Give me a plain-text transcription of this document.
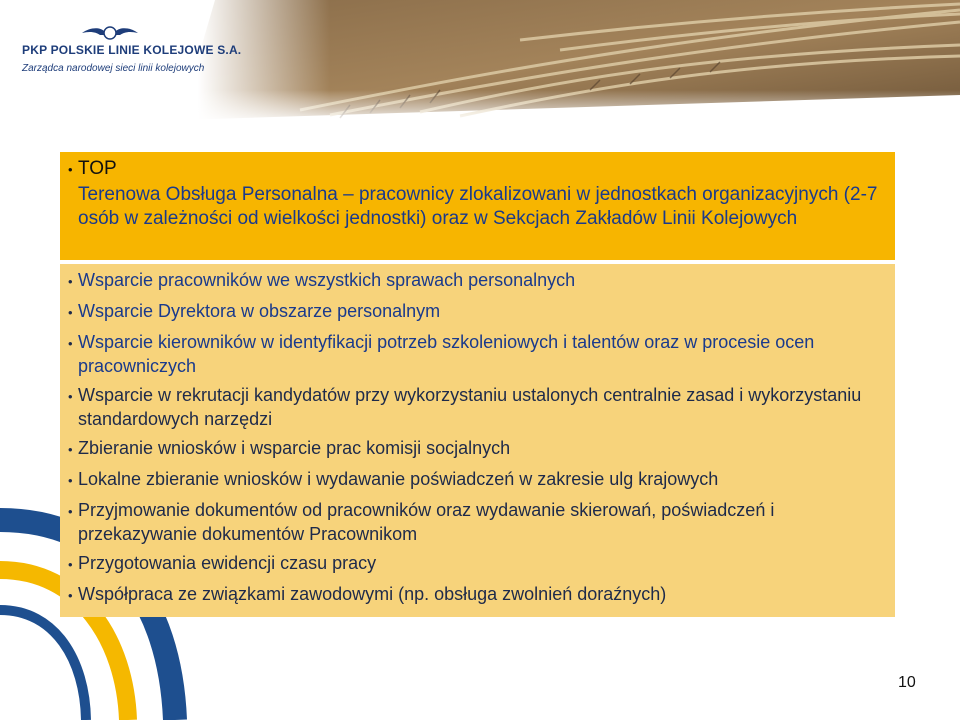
PKP POLSKIE LINIE KOLEJOWE S.A.
Zarządca narodowej sieci linii kolejowych
• TOP
Terenowa Obsługa Personalna – pracownicy zlokalizowani w jednostkach organizacyjnych (2-7 osób w zależności od wielkości jednostki) oraz w Sekcjach Zakładów Linii Kolejowych
• Wsparcie pracowników we wszystkich sprawach personalnych
• Wsparcie Dyrektora w obszarze personalnym
• Wsparcie kierowników w identyfikacji potrzeb szkoleniowych i talentów oraz w procesie ocen pracowniczych
• Wsparcie w rekrutacji kandydatów przy wykorzystaniu ustalonych centralnie zasad i wykorzystaniu standardowych narzędzi
• Zbieranie wniosków i wsparcie prac komisji socjalnych
• Lokalne zbieranie wniosków i wydawanie poświadczeń w zakresie ulg krajowych
• Przyjmowanie dokumentów od pracowników oraz wydawanie skierowań, poświadczeń i przekazywanie dokumentów Pracownikom
• Przygotowania ewidencji czasu pracy
• Współpraca ze związkami zawodowymi (np. obsługa zwolnień doraźnych)
10
